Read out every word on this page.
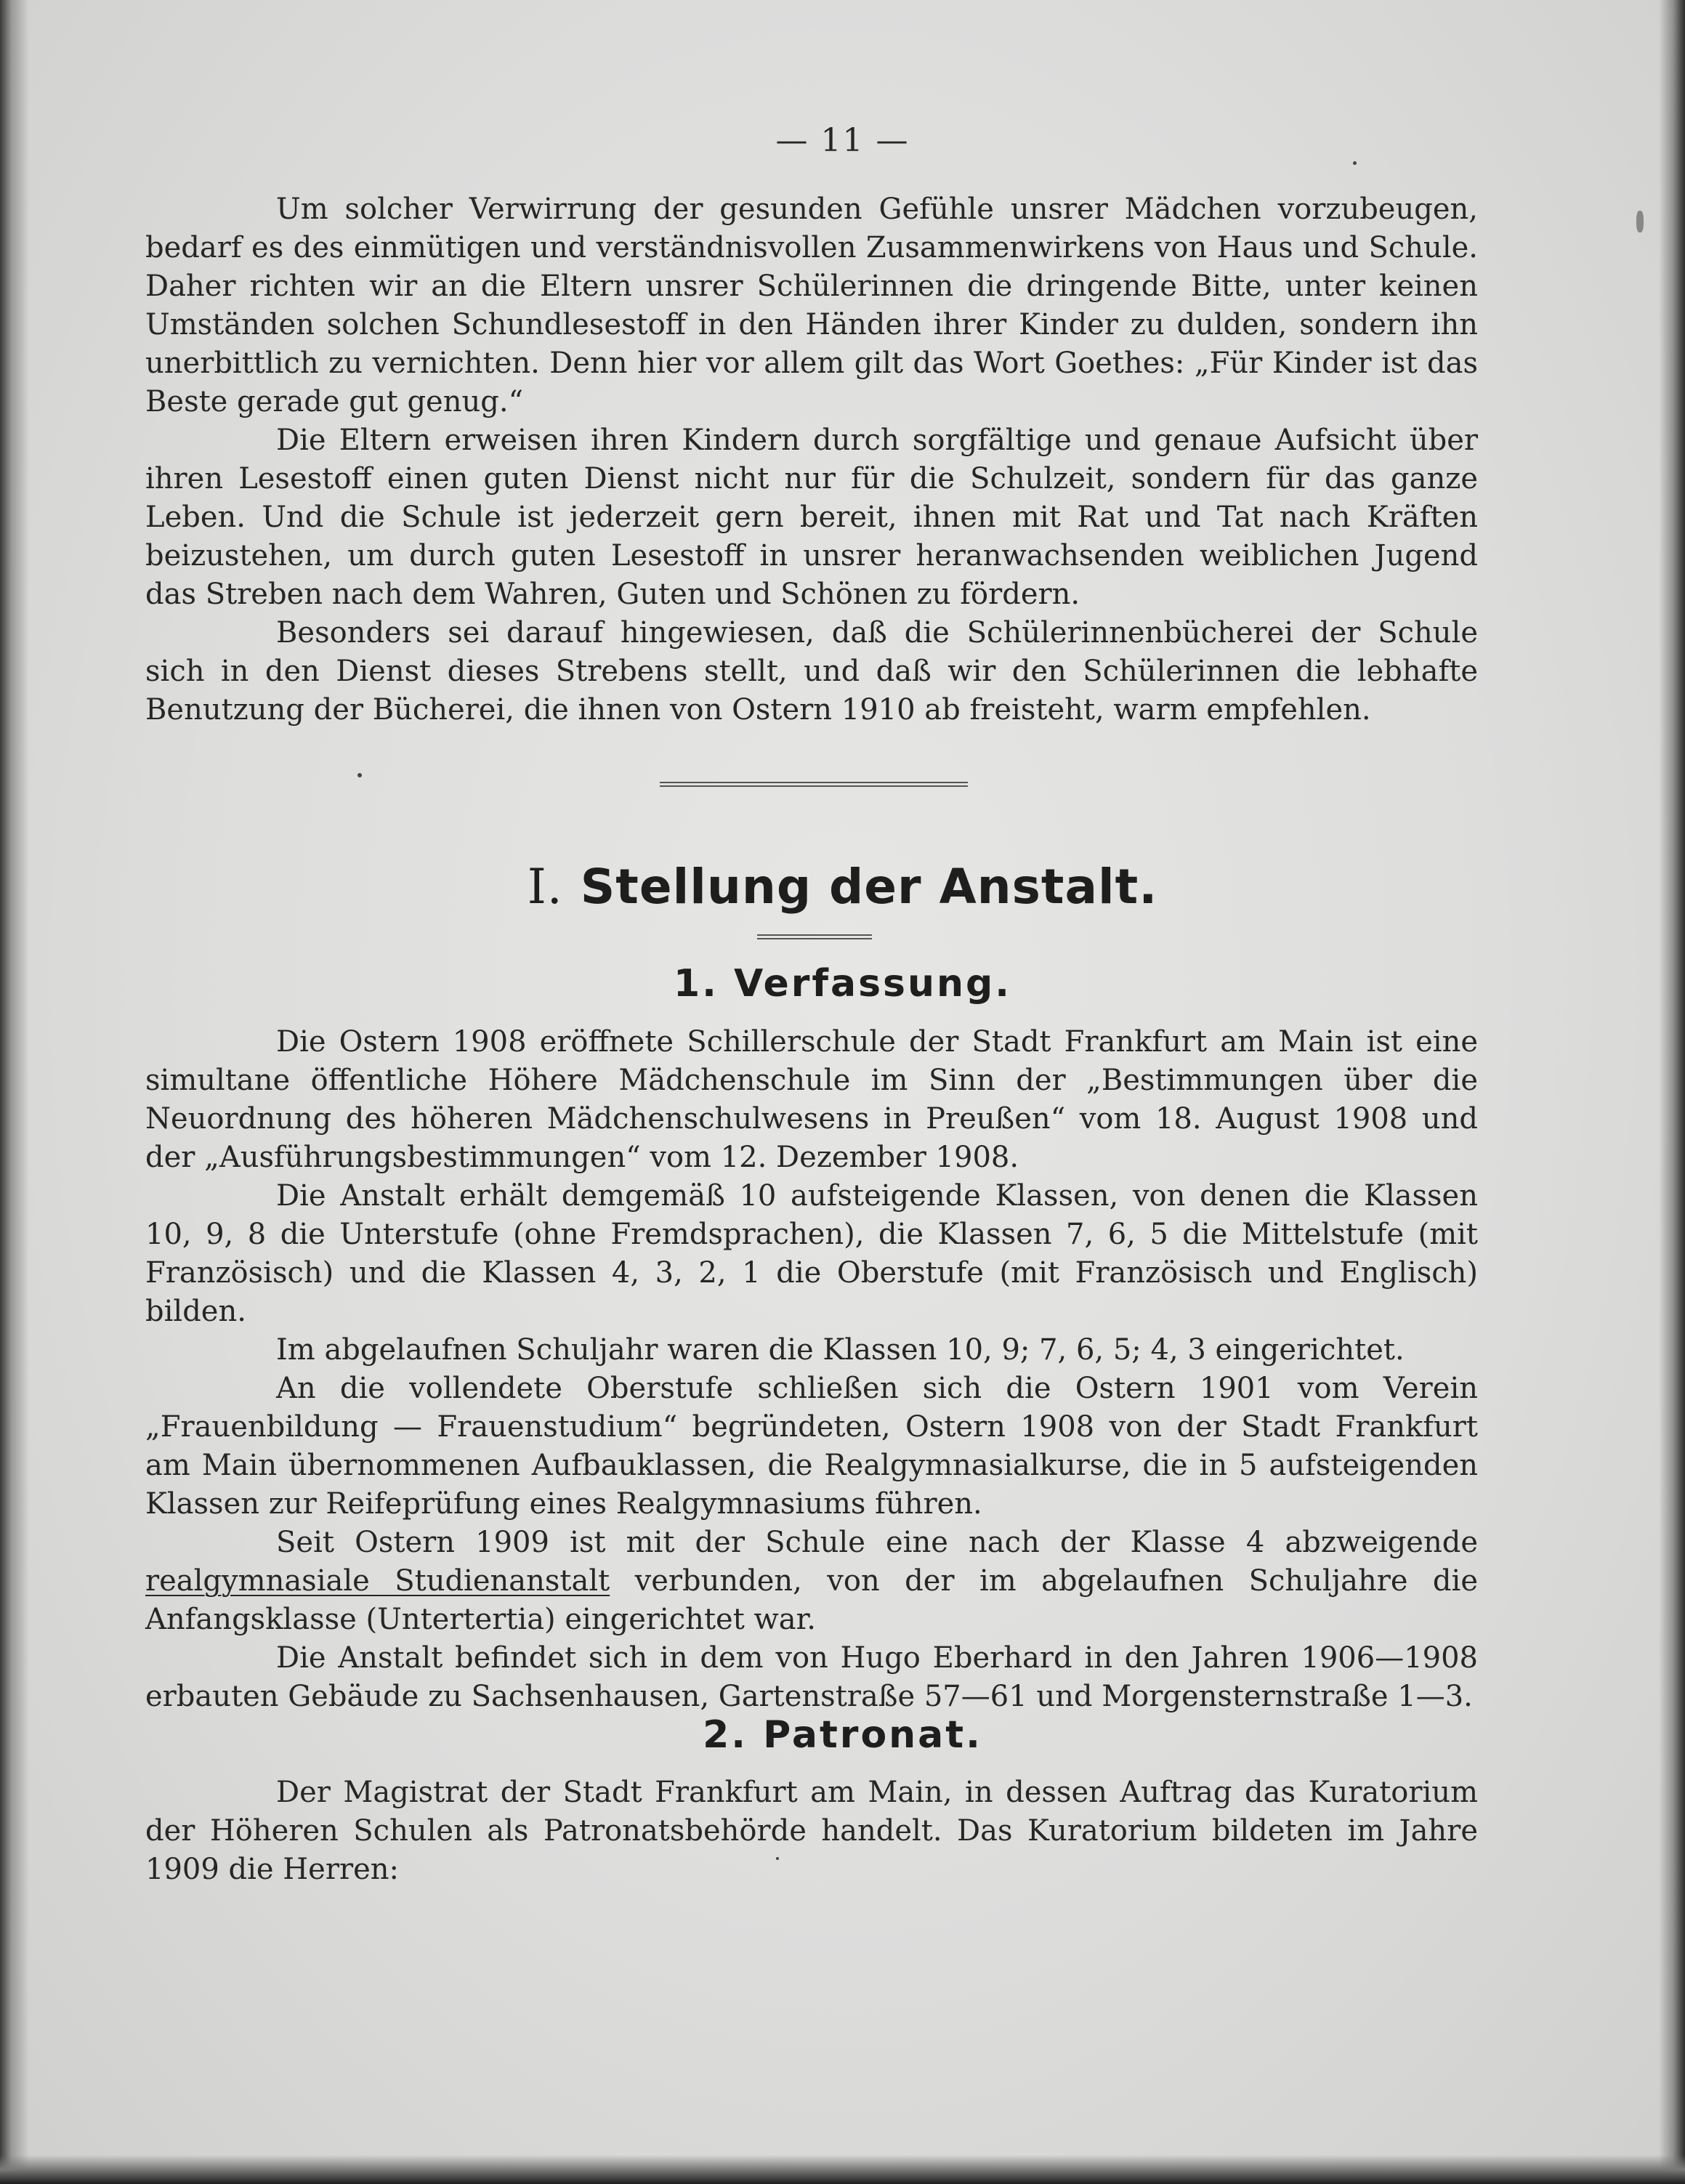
— 11 —

Um solcher Verwirrung der gesunden Gefühle unsrer Mädchen vorzubeugen, bedarf es des einmütigen und verständnisvollen Zusammenwirkens von Haus und Schule. Daher richten wir an die Eltern unsrer Schülerinnen die dringende Bitte, unter keinen Umständen solchen Schundlesestoff in den Händen ihrer Kinder zu dulden, sondern ihn unerbittlich zu vernichten. Denn hier vor allem gilt das Wort Goethes: „Für Kinder ist das Beste gerade gut genug.“

Die Eltern erweisen ihren Kindern durch sorgfältige und genaue Aufsicht über ihren Lesestoff einen guten Dienst nicht nur für die Schulzeit, sondern für das ganze Leben. Und die Schule ist jederzeit gern bereit, ihnen mit Rat und Tat nach Kräften beizustehen, um durch guten Lesestoff in unsrer heranwachsenden weiblichen Jugend das Streben nach dem Wahren, Guten und Schönen zu fördern.

Besonders sei darauf hingewiesen, daß die Schülerinnenbücherei der Schule sich in den Dienst dieses Strebens stellt, und daß wir den Schülerinnen die lebhafte Benutzung der Bücherei, die ihnen von Ostern 1910 ab freisteht, warm empfehlen.

I. Stellung der Anstalt.
1. Verfassung.

Die Ostern 1908 eröffnete Schillerschule der Stadt Frankfurt am Main ist eine simultane öffentliche Höhere Mädchenschule im Sinn der „Bestimmungen über die Neuordnung des höheren Mädchenschulwesens in Preußen“ vom 18. August 1908 und der „Ausführungsbestimmungen“ vom 12. Dezember 1908.

Die Anstalt erhält demgemäß 10 aufsteigende Klassen, von denen die Klassen 10, 9, 8 die Unterstufe (ohne Fremdsprachen), die Klassen 7, 6, 5 die Mittelstufe (mit Französisch) und die Klassen 4, 3, 2, 1 die Oberstufe (mit Französisch und Englisch) bilden.

Im abgelaufnen Schuljahr waren die Klassen 10, 9; 7, 6, 5; 4, 3 eingerichtet.

An die vollendete Oberstufe schließen sich die Ostern 1901 vom Verein „Frauenbildung — Frauenstudium“ begründeten, Ostern 1908 von der Stadt Frankfurt am Main übernommenen Aufbauklassen, die Realgymnasialkurse, die in 5 aufsteigenden Klassen zur Reifeprüfung eines Realgymnasiums führen.

Seit Ostern 1909 ist mit der Schule eine nach der Klasse 4 abzweigende realgymnasiale Studienanstalt verbunden, von der im abgelaufnen Schuljahre die Anfangsklasse (Untertertia) eingerichtet war.

Die Anstalt befindet sich in dem von Hugo Eberhard in den Jahren 1906—1908 erbauten Gebäude zu Sachsenhausen, Gartenstraße 57—61 und Morgensternstraße 1—3.

2. Patronat.

Der Magistrat der Stadt Frankfurt am Main, in dessen Auftrag das Kuratorium der Höheren Schulen als Patronatsbehörde handelt. Das Kuratorium bildeten im Jahre 1909 die Herren:
